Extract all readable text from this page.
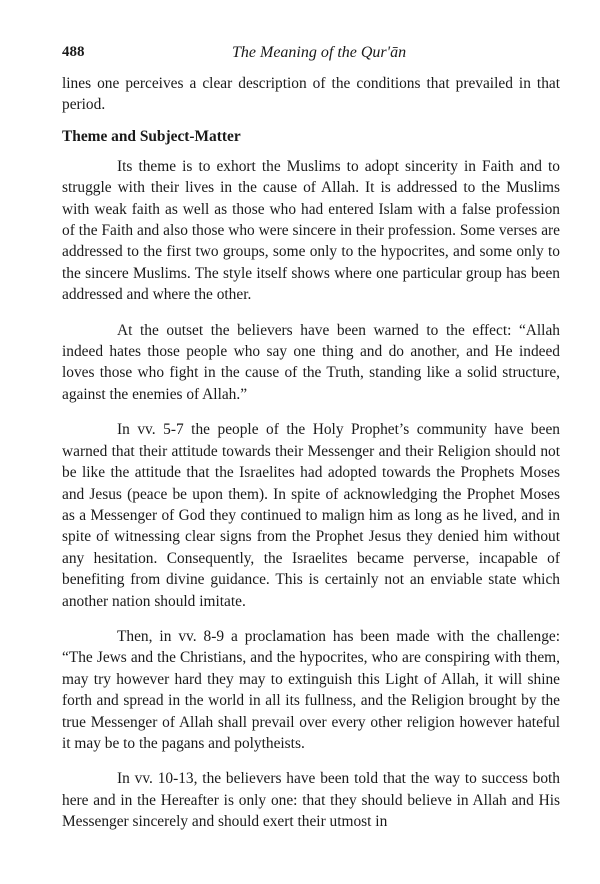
488	The Meaning of the Qur'ān

lines one perceives a clear description of the conditions that prevailed in that period.

Theme and Subject-Matter

Its theme is to exhort the Muslims to adopt sincerity in Faith and to struggle with their lives in the cause of Allah. It is addressed to the Muslims with weak faith as well as those who had entered Islam with a false profession of the Faith and also those who were sincere in their profession. Some verses are addressed to the first two groups, some only to the hypocrites, and some only to the sincere Muslims. The style itself shows where one particular group has been addressed and where the other.

At the outset the believers have been warned to the effect: “Allah indeed hates those people who say one thing and do another, and He indeed loves those who fight in the cause of the Truth, standing like a solid structure, against the enemies of Allah.”

In vv. 5-7 the people of the Holy Prophet’s community have been warned that their attitude towards their Messenger and their Religion should not be like the attitude that the Israelites had adopted towards the Prophets Moses and Jesus (peace be upon them). In spite of acknowledging the Prophet Moses as a Messenger of God they continued to malign him as long as he lived, and in spite of witnessing clear signs from the Prophet Jesus they denied him without any hesitation. Consequently, the Israelites became perverse, incapable of benefiting from divine guidance. This is certainly not an enviable state which another nation should imitate.

Then, in vv. 8-9 a proclamation has been made with the challenge: “The Jews and the Christians, and the hypocrites, who are conspiring with them, may try however hard they may to extinguish this Light of Allah, it will shine forth and spread in the world in all its fullness, and the Religion brought by the true Messenger of Allah shall prevail over every other religion however hateful it may be to the pagans and polytheists.

In vv. 10-13, the believers have been told that the way to success both here and in the Hereafter is only one: that they should believe in Allah and His Messenger sincerely and should exert their utmost in
